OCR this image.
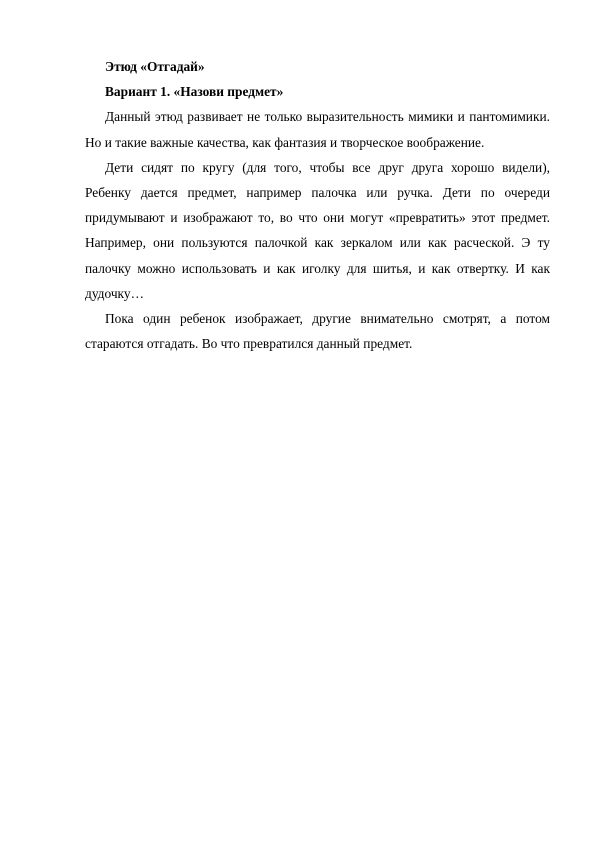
Этюд «Отгадай»

Вариант 1. «Назови предмет»

Данный этюд развивает не только выразительность мимики и пантомимики. Но и такие важные качества, как фантазия и творческое воображение.

Дети сидят по кругу (для того, чтобы все друг друга хорошо видели), Ребенку дается предмет, например палочка или ручка. Дети по очереди придумывают и изображают то, во что они могут «превратить» этот предмет. Например, они пользуются палочкой как зеркалом или как расческой. Э ту палочку можно использовать и как иголку для шитья, и как отвертку. И как дудочку…

Пока один ребенок изображает, другие внимательно смотрят, а потом стараются отгадать. Во что превратился данный предмет.
